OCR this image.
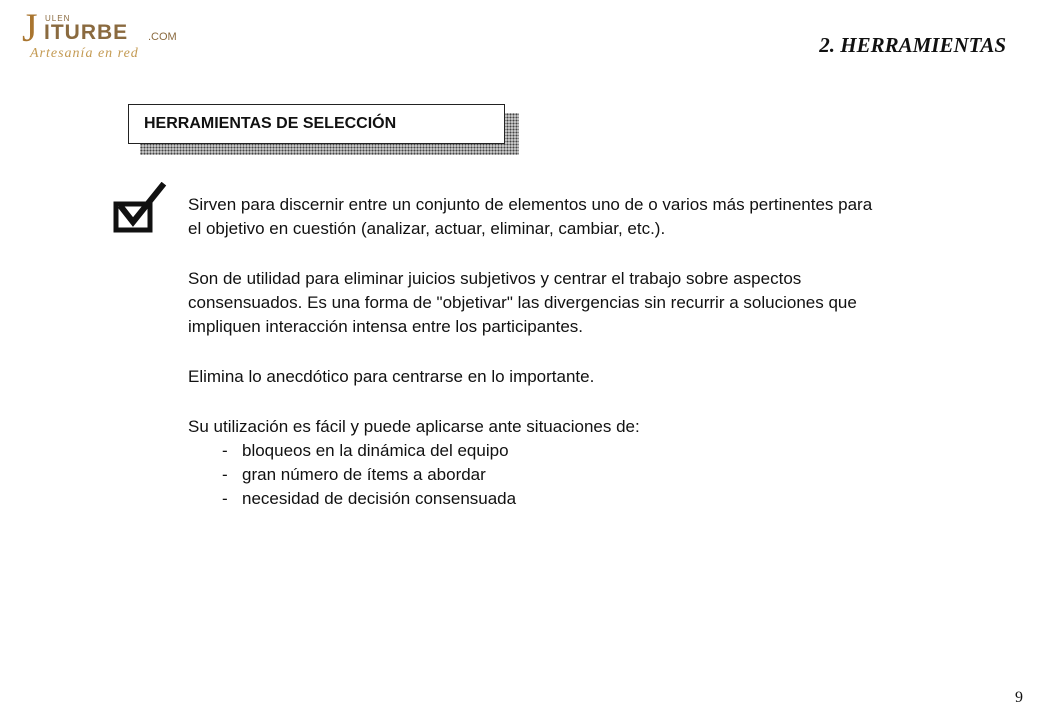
J ULEN
ITURBE .COM
Artesanía en red	2. HERRAMIENTAS
HERRAMIENTAS DE SELECCIÓN

Sirven para discernir entre un conjunto de elementos uno de o varios más pertinentes para el objetivo en cuestión (analizar, actuar, eliminar, cambiar, etc.).

Son de utilidad para eliminar juicios subjetivos y centrar el trabajo sobre aspectos consensuados. Es una forma de "objetivar" las divergencias sin recurrir a soluciones que impliquen interacción intensa entre los participantes.

Elimina lo anecdótico para centrarse en lo importante.

Su utilización es fácil y puede aplicarse ante situaciones de:

- bloqueos en la dinámica del equipo
- gran número de ítems a abordar
- necesidad de decisión consensuada
9
